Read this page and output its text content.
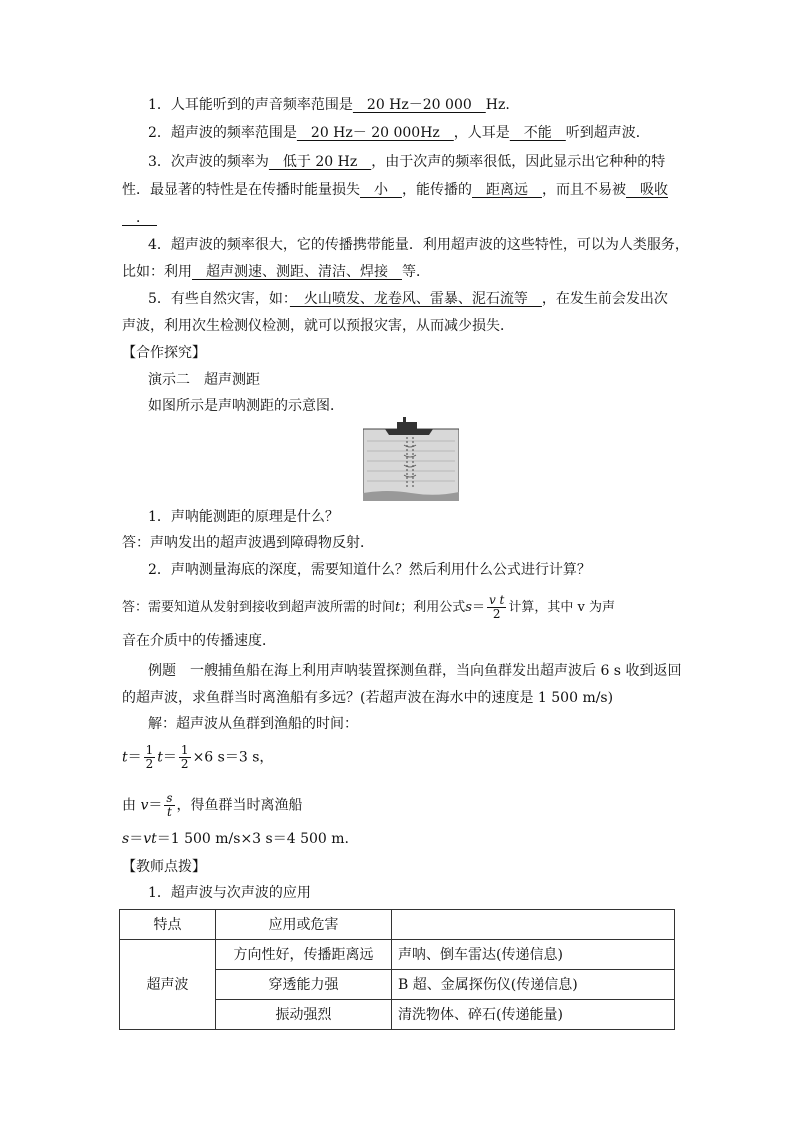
1．人耳能听到的声音频率范围是　20 Hz－20 000　Hz.
2．超声波的频率范围是　20 Hz－ 20 000Hz　，人耳是　不能　听到超声波．
3．次声波的频率为　低于 20 Hz　，由于次声的频率很低，因此显示出它种种的特
性．最显著的特性是在传播时能量损失　小　，能传播的　距离远　，而且不易被　吸收
　．　
4．超声波的频率很大，它的传播携带能量．利用超声波的这些特性，可以为人类服务，
比如：利用　超声测速、测距、清洁、焊接　等．
5．有些自然灾害，如：　火山喷发、龙卷风、雷暴、泥石流等　，在发生前会发出次
声波，利用次生检测仪检测，就可以预报灾害，从而减少损失．
【合作探究】
演示二　超声测距
如图所示是声呐测距的示意图．
1．声呐能测距的原理是什么？
答：声呐发出的超声波遇到障碍物反射．
2．声呐测量海底的深度，需要知道什么？然后利用什么公式进行计算？
答：需要知道从发射到接收到超声波所需的时间t；利用公式$s= \frac{\text{v t}}{2}$ 计算，其中 v 为声
音在介质中的传播速度．
例题　一艘捕鱼船在海上利用声呐装置探测鱼群，当向鱼群发出超声波后 6 s 收到返回
的超声波，求鱼群当时离渔船有多远？(若超声波在海水中的速度是 1 500 m/s)
解：超声波从鱼群到渔船的时间：
$t= \frac{1}{2} t= \frac{1}{2} \times 6$ s＝3 s，
由 $v= \frac{s}{t}$ ，得鱼群当时离渔船
s＝vt＝1 500 m/s×3 s＝4 500 m.
【教师点拨】
1．超声波与次声波的应用
特点	应用或危害	
超声波	方向性好，传播距离远	声呐、倒车雷达(传递信息)
	穿透能力强	B 超、金属探伤仪(传递信息)
	振动强烈	清洗物体、碎石(传递能量)
